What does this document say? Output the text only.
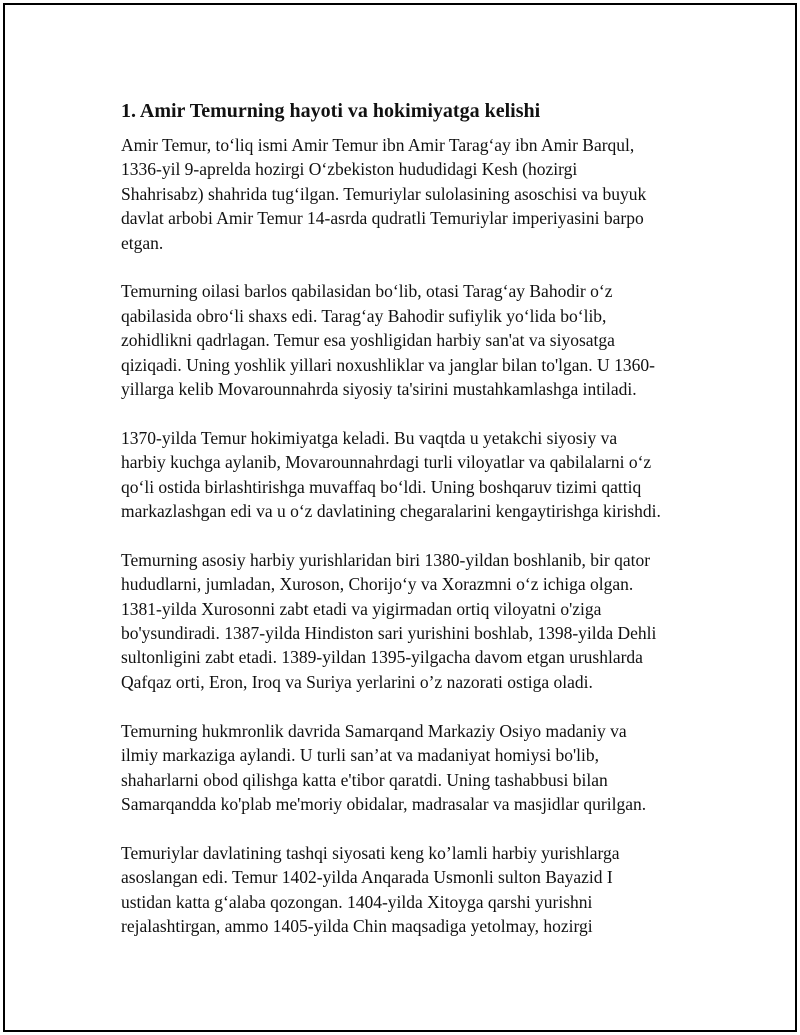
1. Amir Temurning hayoti va hokimiyatga kelishi

Amir Temur, to‘liq ismi Amir Temur ibn Amir Tarag‘ay ibn Amir Barqul,
1336-yil 9-aprelda hozirgi O‘zbekiston hududidagi Kesh (hozirgi
Shahrisabz) shahrida tug‘ilgan. Temuriylar sulolasining asoschisi va buyuk
davlat arbobi Amir Temur 14-asrda qudratli Temuriylar imperiyasini barpo
etgan.

Temurning oilasi barlos qabilasidan bo‘lib, otasi Tarag‘ay Bahodir o‘z
qabilasida obro‘li shaxs edi. Tarag‘ay Bahodir sufiylik yo‘lida bo‘lib,
zohidlikni qadrlagan. Temur esa yoshligidan harbiy san'at va siyosatga
qiziqadi. Uning yoshlik yillari noxushliklar va janglar bilan to'lgan. U 1360-
yillarga kelib Movarounnahrda siyosiy ta'sirini mustahkamlashga intiladi.

1370-yilda Temur hokimiyatga keladi. Bu vaqtda u yetakchi siyosiy va
harbiy kuchga aylanib, Movarounnahrdagi turli viloyatlar va qabilalarni o‘z
qo‘li ostida birlashtirishga muvaffaq bo‘ldi. Uning boshqaruv tizimi qattiq
markazlashgan edi va u o‘z davlatining chegaralarini kengaytirishga kirishdi.

Temurning asosiy harbiy yurishlaridan biri 1380-yildan boshlanib, bir qator
hududlarni, jumladan, Xuroson, Chorijo‘y va Xorazmni o‘z ichiga olgan.
1381-yilda Xurosonni zabt etadi va yigirmadan ortiq viloyatni o'ziga
bo'ysundiradi. 1387-yilda Hindiston sari yurishini boshlab, 1398-yilda Dehli
sultonligini zabt etadi. 1389-yildan 1395-yilgacha davom etgan urushlarda
Qafqaz orti, Eron, Iroq va Suriya yerlarini o’z nazorati ostiga oladi.

Temurning hukmronlik davrida Samarqand Markaziy Osiyo madaniy va
ilmiy markaziga aylandi. U turli san’at va madaniyat homiysi bo'lib,
shaharlarni obod qilishga katta e'tibor qaratdi. Uning tashabbusi bilan
Samarqandda ko'plab me'moriy obidalar, madrasalar va masjidlar qurilgan.

Temuriylar davlatining tashqi siyosati keng ko’lamli harbiy yurishlarga
asoslangan edi. Temur 1402-yilda Anqarada Usmonli sulton Bayazid I
ustidan katta g‘alaba qozongan. 1404-yilda Xitoyga qarshi yurishni
rejalashtirgan, ammo 1405-yilda Chin maqsadiga yetolmay, hozirgi
